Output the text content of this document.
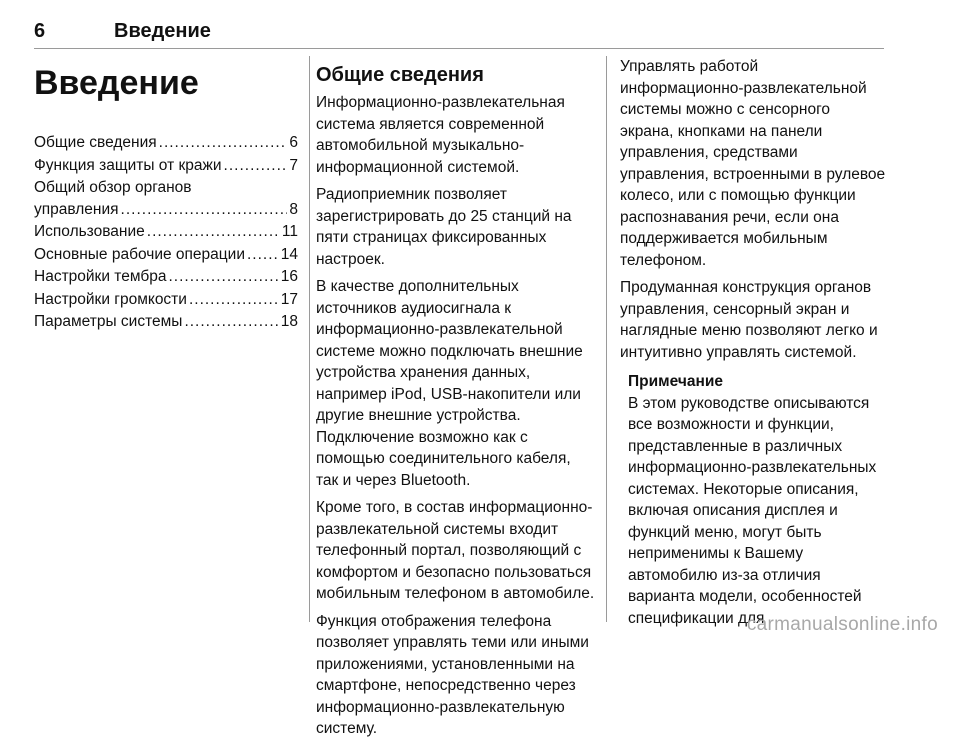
6	Введение
Введение
Общие сведения .....	6
Функция защиты от кражи .....	7
Общий обзор органов
управления .....	8
Использование .....	11
Основные рабочие операции ..... 14
Настройки тембра .....	16
Настройки громкости .....	17
Параметры системы .....	18
Общие сведения

Информационно-развлекательная система является современной автомобильной музыкально-информационной системой.

Радиоприемник позволяет зарегистрировать до 25 станций на пяти страницах фиксированных настроек.

В качестве дополнительных источников аудиосигнала к информационно-развлекательной системе можно подключать внешние устройства хранения данных, например iPod, USB-накопители или другие внешние устройства. Подключение возможно как с помощью соединительного кабеля, так и через Bluetooth.

Кроме того, в состав информационно-развлекательной системы входит телефонный портал, позволяющий с комфортом и безопасно пользоваться мобильным телефоном в автомобиле.

Функция отображения телефона позволяет управлять теми или иными приложениями, установленными на смартфоне, непосредственно через информационно-развлекательную систему.

Управлять работой информационно-развлекательной системы можно с сенсорного экрана, кнопками на панели управления, средствами управления, встроенными в рулевое колесо, или с помощью функции распознавания речи, если она поддерживается мобильным телефоном.

Продуманная конструкция органов управления, сенсорный экран и наглядные меню позволяют легко и интуитивно управлять системой.

Примечание

В этом руководстве описываются все возможности и функции, представленные в различных информационно-развлекательных системах. Некоторые описания, включая описания дисплея и функций меню, могут быть неприменимы к Вашему автомобилю из-за отличия варианта модели, особенностей спецификации для

carmanualsonline.info
